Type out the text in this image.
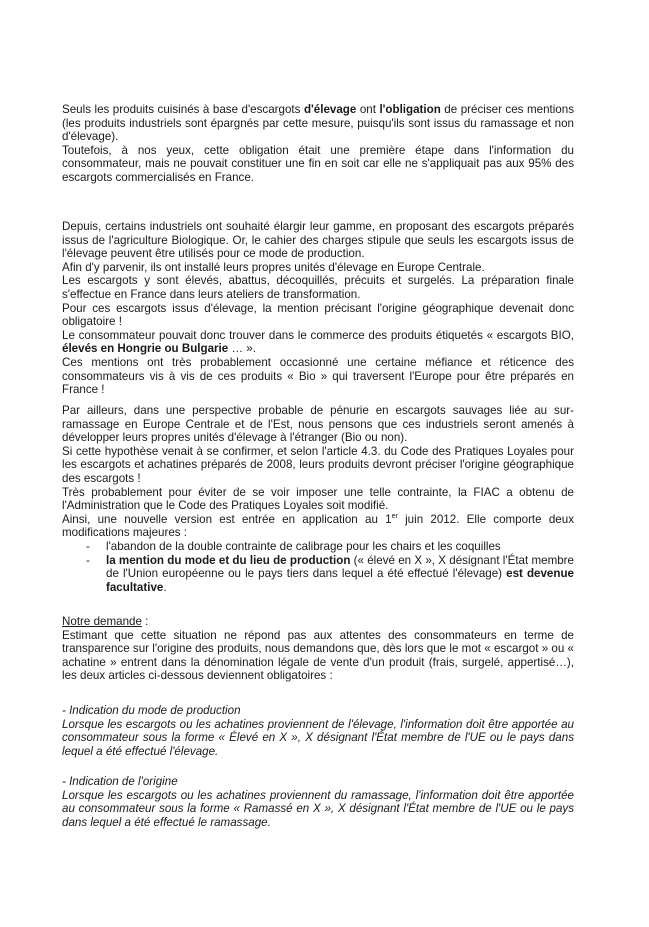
Seuls les produits cuisinés à base d'escargots d'élevage ont l'obligation de préciser ces mentions (les produits industriels sont épargnés par cette mesure, puisqu'ils sont issus du ramassage et non d'élevage).

Toutefois, à nos yeux, cette obligation était une première étape dans l'information du consommateur, mais ne pouvait constituer une fin en soit car elle ne s'appliquait pas aux 95% des escargots commercialisés en France.

Depuis, certains industriels ont souhaité élargir leur gamme, en proposant des escargots préparés issus de l'agriculture Biologique. Or, le cahier des charges stipule que seuls les escargots issus de l'élevage peuvent être utilisés pour ce mode de production.

Afin d'y parvenir, ils ont installé leurs propres unités d'élevage en Europe Centrale.

Les escargots y sont élevés, abattus, décoquillés, précuits et surgelés. La préparation finale s'effectue en France dans leurs ateliers de transformation.

Pour ces escargots issus d'élevage, la mention précisant l'origine géographique devenait donc obligatoire !

Le consommateur pouvait donc trouver dans le commerce des produits étiquetés « escargots BIO, élevés en Hongrie ou Bulgarie … ».

Ces mentions ont très probablement occasionné une certaine méfiance et réticence des consommateurs vis à vis de ces produits « Bio » qui traversent l'Europe pour être préparés en France !

Par ailleurs, dans une perspective probable de pénurie en escargots sauvages liée au sur-ramassage en Europe Centrale et de l'Est, nous pensons que ces industriels seront amenés à développer leurs propres unités d'élevage à l'étranger (Bio ou non).

Si cette hypothèse venait à se confirmer, et selon l'article 4.3. du Code des Pratiques Loyales pour les escargots et achatines préparés de 2008, leurs produits devront préciser l'origine géographique des escargots !

Très probablement pour éviter de se voir imposer une telle contrainte, la FIAC a obtenu de l'Administration que le Code des Pratiques Loyales soit modifié.

Ainsi, une nouvelle version est entrée en application au 1er juin 2012. Elle comporte deux modifications majeures :

- l'abandon de la double contrainte de calibrage pour les chairs et les coquilles
- la mention du mode et du lieu de production (« élevé en X », X désignant l'État membre de l'Union européenne ou le pays tiers dans lequel a été effectué l'élevage) est devenue facultative.

Notre demande :

Estimant que cette situation ne répond pas aux attentes des consommateurs en terme de transparence sur l'origine des produits, nous demandons que, dès lors que le mot « escargot » ou « achatine » entrent dans la dénomination légale de vente d'un produit (frais, surgelé, appertisé…), les deux articles ci-dessous deviennent obligatoires :

- Indication du mode de production

Lorsque les escargots ou les achatines proviennent de l'élevage, l'information doit être apportée au consommateur sous la forme « Élevé en X », X désignant l'État membre de l'UE ou le pays dans lequel a été effectué l'élevage.

- Indication de l'origine

Lorsque les escargots ou les achatines proviennent du ramassage, l'information doit être apportée au consommateur sous la forme « Ramassé en X », X désignant l'État membre de l'UE ou le pays dans lequel a été effectué le ramassage.
